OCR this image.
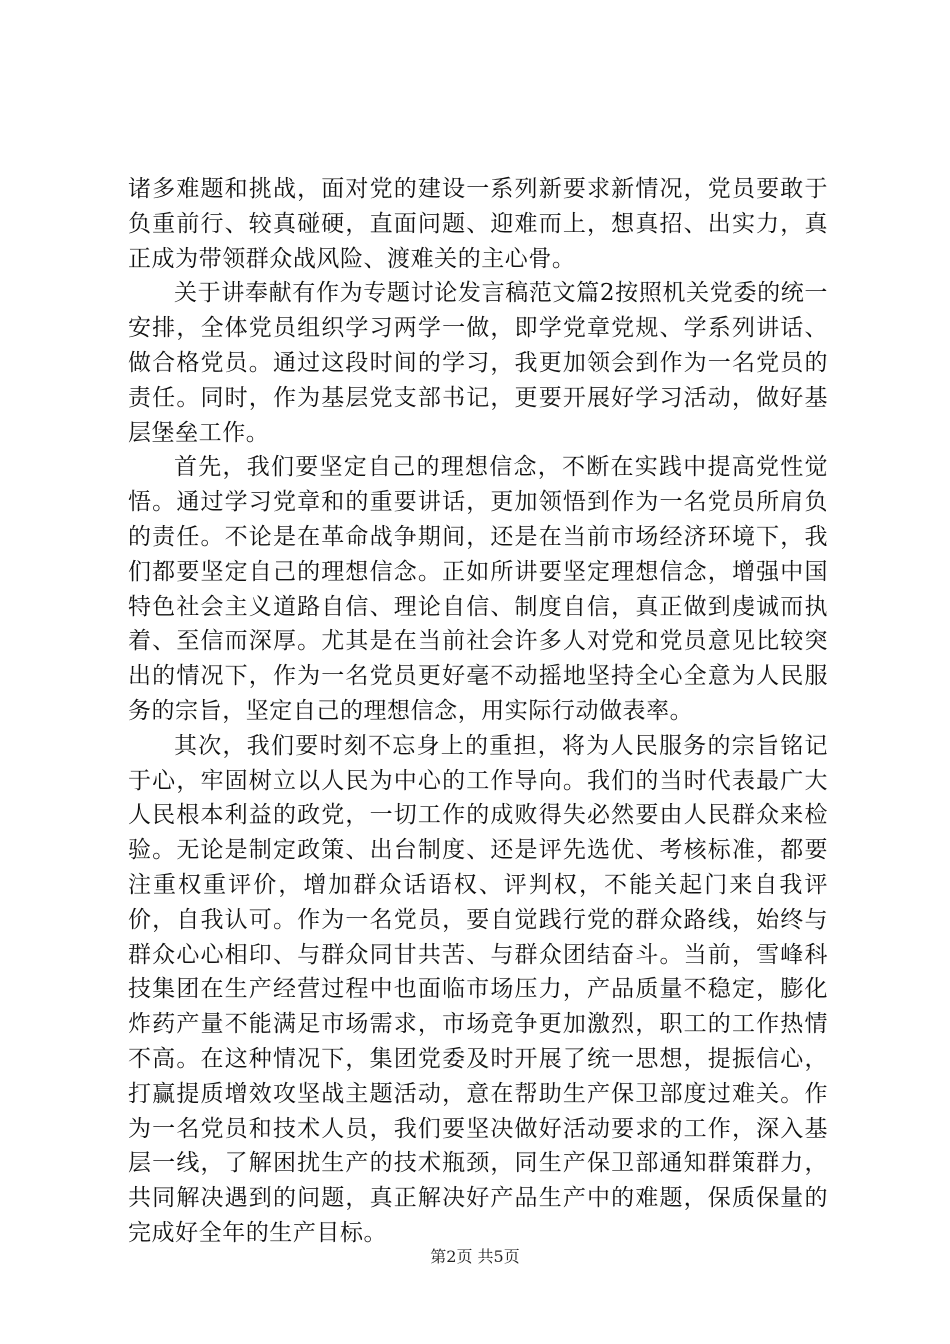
诸多难题和挑战，面对党的建设一系列新要求新情况，党员要敢于负重前行、较真碰硬，直面问题、迎难而上，想真招、出实力，真正成为带领群众战风险、渡难关的主心骨。

关于讲奉献有作为专题讨论发言稿范文篇2按照机关党委的统一安排，全体党员组织学习两学一做，即学党章党规、学系列讲话、做合格党员。通过这段时间的学习，我更加领会到作为一名党员的责任。同时，作为基层党支部书记，更要开展好学习活动，做好基层堡垒工作。

首先，我们要坚定自己的理想信念，不断在实践中提高党性觉悟。通过学习党章和的重要讲话，更加领悟到作为一名党员所肩负的责任。不论是在革命战争期间，还是在当前市场经济环境下，我们都要坚定自己的理想信念。正如所讲要坚定理想信念，增强中国特色社会主义道路自信、理论自信、制度自信，真正做到虔诚而执着、至信而深厚。尤其是在当前社会许多人对党和党员意见比较突出的情况下，作为一名党员更好毫不动摇地坚持全心全意为人民服务的宗旨，坚定自己的理想信念，用实际行动做表率。

其次，我们要时刻不忘身上的重担，将为人民服务的宗旨铭记于心，牢固树立以人民为中心的工作导向。我们的当时代表最广大人民根本利益的政党，一切工作的成败得失必然要由人民群众来检验。无论是制定政策、出台制度、还是评先选优、考核标准，都要注重权重评价，增加群众话语权、评判权，不能关起门来自我评价，自我认可。作为一名党员，要自觉践行党的群众路线，始终与群众心心相印、与群众同甘共苦、与群众团结奋斗。当前，雪峰科技集团在生产经营过程中也面临市场压力，产品质量不稳定，膨化炸药产量不能满足市场需求，市场竞争更加激烈，职工的工作热情不高。在这种情况下，集团党委及时开展了统一思想，提振信心，打赢提质增效攻坚战主题活动，意在帮助生产保卫部度过难关。作为一名党员和技术人员，我们要坚决做好活动要求的工作，深入基层一线，了解困扰生产的技术瓶颈，同生产保卫部通知群策群力，共同解决遇到的问题，真正解决好产品生产中的难题，保质保量的完成好全年的生产目标。

第2页 共5页
